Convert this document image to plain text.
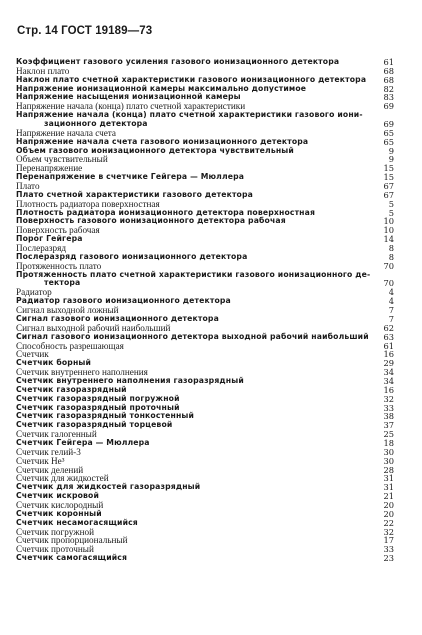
Стр. 14 ГОСТ 19189—73
Коэффициент газового усиления газового ионизационного детектора	61
Наклон плато	68
Наклон плато счетной характеристики газового ионизационного детектора 68
Напряжение ионизационной камеры максимально допустимое	82
Напряжение насыщения ионизационной камеры	83
Напряжение начала (конца) плато счетной характеристики	69
Напряжение начала (конца) плато счетной характеристики газового иони-
зационного детектора	69
Напряжение начала счета	65
Напряжение начала счета газового ионизационного детектора	65
Объем газового ионизационного детектора чувствительный	9
Объем чувствительный	9
Перенапряжение	15
Перенапряжение в счетчике Гейгера — Мюллера	15
Плато	67
Плато счетной характеристики газового детектора	67
Плотность радиатора поверхностная	5
Плотность радиатора ионизационного детектора поверхностная	5
Поверхность газового ионизационного детектора рабочая	10
Поверхность рабочая	10
Порог Гейгера	14
Послеразряд	8
Послеразряд газового ионизационного детектора	8
Протяженность плато	70
Протяженность плато счетной характеристики газового ионизационного де-
тектора	70
Радиатор	4
Радиатор газового ионизационного детектора	4
Сигнал выходной ложный	7
Сигнал газового ионизационного детектора	7
Сигнал выходной рабочий наибольший	62
Сигнал газового ионизационного детектора выходной рабочий наибольший 63
Способность разрешающая	61
Счетчик	16
Счетчик борный	29
Счетчик внутреннего наполнения	34
Счетчик внутреннего наполнения газоразрядный	34
Счетчик газоразрядный	16
Счетчик газоразрядный погружной	32
Счетчик газоразрядный проточный	33
Счетчик газоразрядный тонкостенный	38
Счетчик газоразрядный торцевой	37
Счетчик галогенный	25
Счетчик Гейгера — Мюллера	18
Счетчик гелий-3	30
Счетчик He³	30
Счетчик делений	28
Счетчик для жидкостей	31
Счетчик для жидкостей газоразрядный	31
Счетчик искровой	21
Счетчик кислородный	20
Счетчик коронный	20
Счетчик несамогасящийся	22
Счетчик погружной	32
Счетчик пропорциональный	17
Счетчик проточный	33
Счетчик самогасящийся	23
